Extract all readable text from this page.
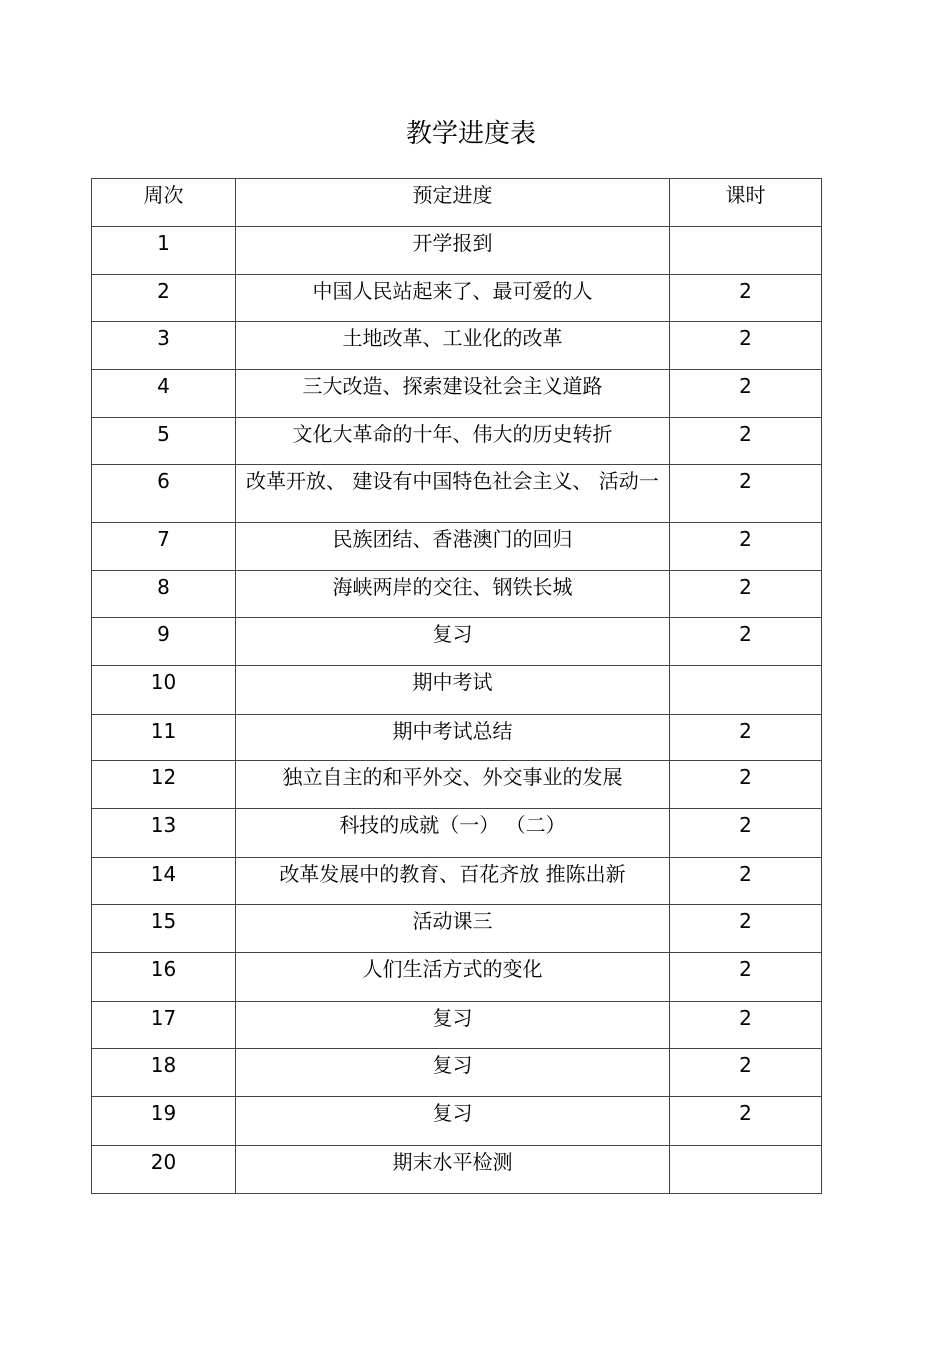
教学进度表
周次	预定进度	课时

1	开学报到	

2	中国人民站起来了、最可爱的人	2

3	土地改革、工业化的改革	2

4	三大改造、探索建设社会主义道路	2

5	文化大革命的十年、伟大的历史转折	2

6	改革开放、 建设有中国特色社会主义、 活动一	2

7	民族团结、香港澳门的回归	2

8	海峡两岸的交往、钢铁长城	2

9	复习	2

10	期中考试	

11	期中考试总结	2

12	独立自主的和平外交、外交事业的发展	2

13	科技的成就（一） （二）	2

14	改革发展中的教育、百花齐放 推陈出新	2

15	活动课三	2

16	人们生活方式的变化	2

17	复习	2

18	复习	2

19	复习	2

20	期末水平检测	
